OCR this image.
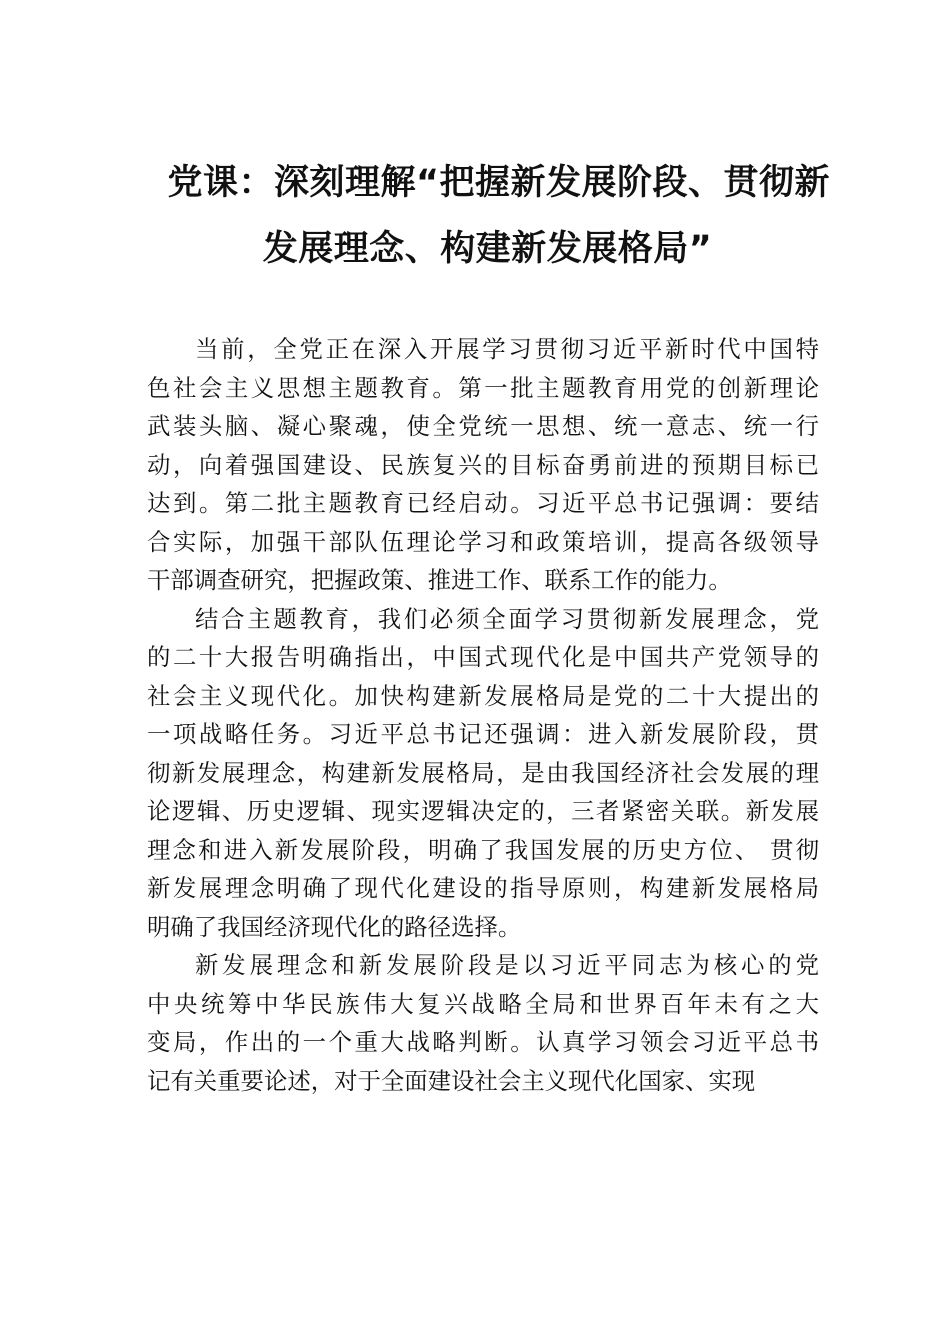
党课：深刻理解“把握新发展阶段、贯彻新
发展理念、构建新发展格局”
当前，全党正在深入开展学习贯彻习近平新时代中国特
色社会主义思想主题教育。第一批主题教育用党的创新理论
武装头脑、凝心聚魂，使全党统一思想、统一意志、统一行
动，向着强国建设、民族复兴的目标奋勇前进的预期目标已
达到。第二批主题教育已经启动。习近平总书记强调：要结
合实际，加强干部队伍理论学习和政策培训，提高各级领导
干部调查研究，把握政策、推进工作、联系工作的能力。
结合主题教育，我们必须全面学习贯彻新发展理念，党
的二十大报告明确指出，中国式现代化是中国共产党领导的
社会主义现代化。加快构建新发展格局是党的二十大提出的
一项战略任务。习近平总书记还强调：进入新发展阶段，贯
彻新发展理念，构建新发展格局，是由我国经济社会发展的理
论逻辑、历史逻辑、现实逻辑决定的，三者紧密关联。新发展
理念和进入新发展阶段，明确了我国发展的历史方位、 贯彻
新发展理念明确了现代化建设的指导原则，构建新发展格局
明确了我国经济现代化的路径选择。
新发展理念和新发展阶段是以习近平同志为核心的党
中央统筹中华民族伟大复兴战略全局和世界百年未有之大
变局，作出的一个重大战略判断。认真学习领会习近平总书
记有关重要论述，对于全面建设社会主义现代化国家、实现
